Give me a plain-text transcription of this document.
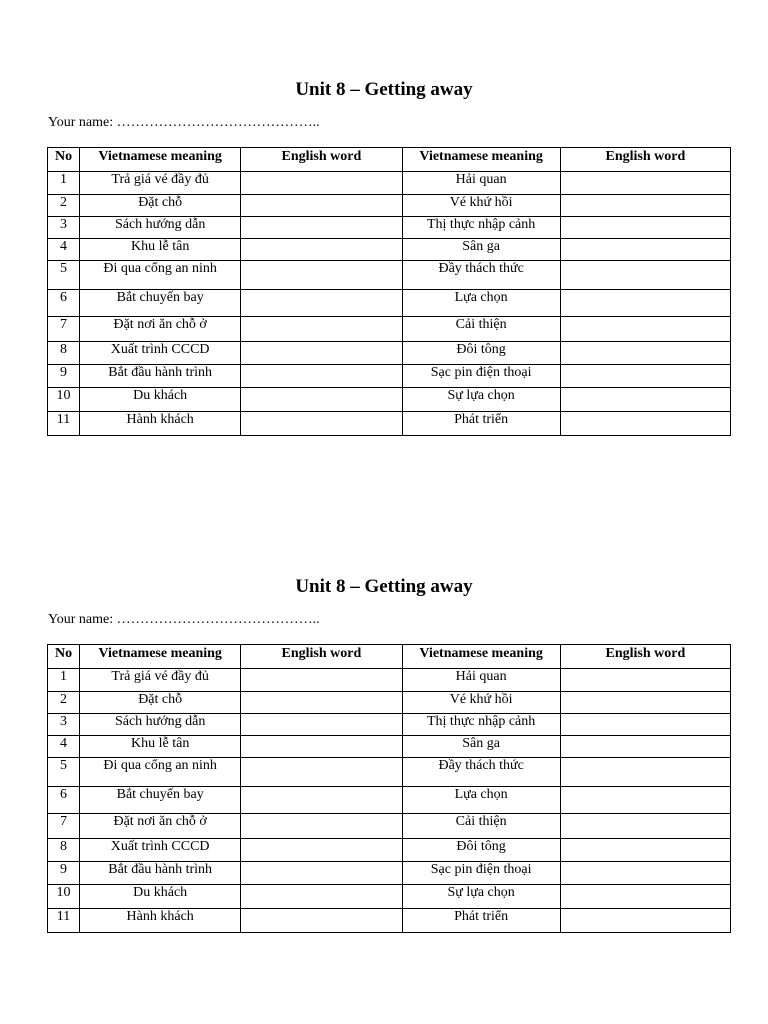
Unit 8 – Getting away
Your name: ……………………………………..
No	Vietnamese meaning	English word	Vietnamese meaning	English word
1	Trả giá vé đầy đủ		Hải quan	
2	Đặt chỗ		Vé khứ hồi	
3	Sách hướng dẫn		Thị thực nhập cảnh	
4	Khu lễ tân		Sân ga	
5	Đi qua cổng an ninh		Đầy thách thức	
6	Bắt chuyến bay		Lựa chọn	
7	Đặt nơi ăn chỗ ở		Cải thiện	
8	Xuất trình CCCD		Đôi tông	
9	Bắt đầu hành trình		Sạc pin điện thoại	
10	Du khách		Sự lựa chọn	
11	Hành khách		Phát triển	
Unit 8 – Getting away
Your name: ……………………………………..
No	Vietnamese meaning	English word	Vietnamese meaning	English word
1	Trả giá vé đầy đủ		Hải quan	
2	Đặt chỗ		Vé khứ hồi	
3	Sách hướng dẫn		Thị thực nhập cảnh	
4	Khu lễ tân		Sân ga	
5	Đi qua cổng an ninh		Đầy thách thức	
6	Bắt chuyến bay		Lựa chọn	
7	Đặt nơi ăn chỗ ở		Cải thiện	
8	Xuất trình CCCD		Đôi tông	
9	Bắt đầu hành trình		Sạc pin điện thoại	
10	Du khách		Sự lựa chọn	
11	Hành khách		Phát triển	
